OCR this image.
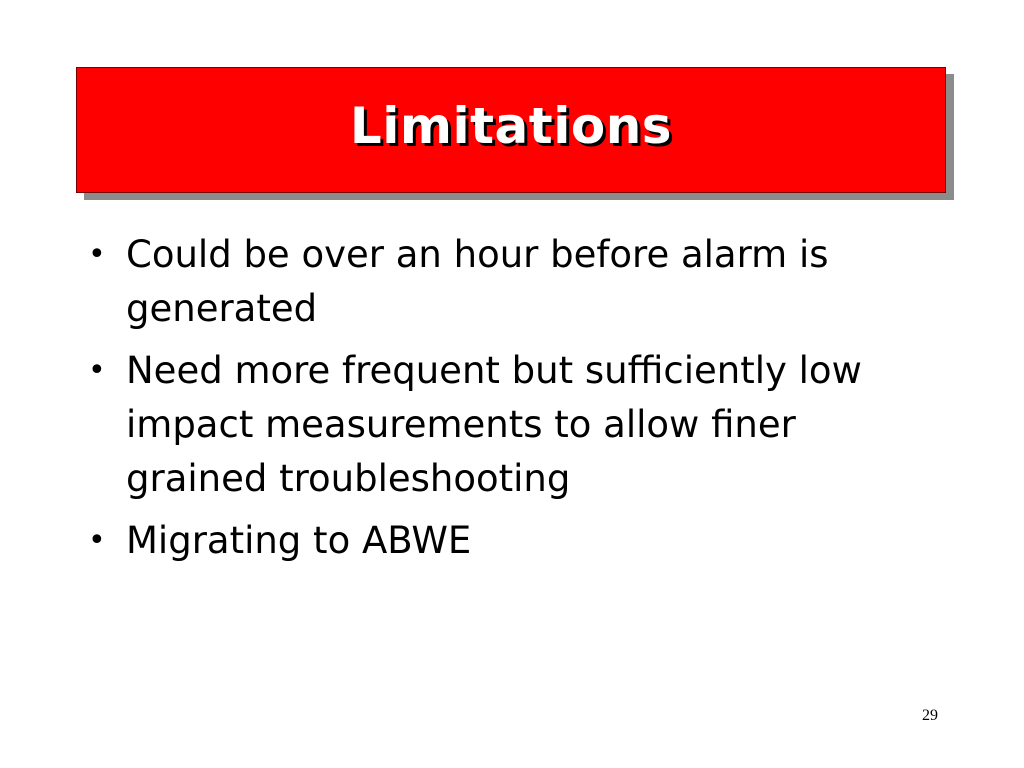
Limitations
• Could be over an hour before alarm is generated
• Need more frequent but sufficiently low impact measurements to allow finer grained troubleshooting
• Migrating to ABWE
29
